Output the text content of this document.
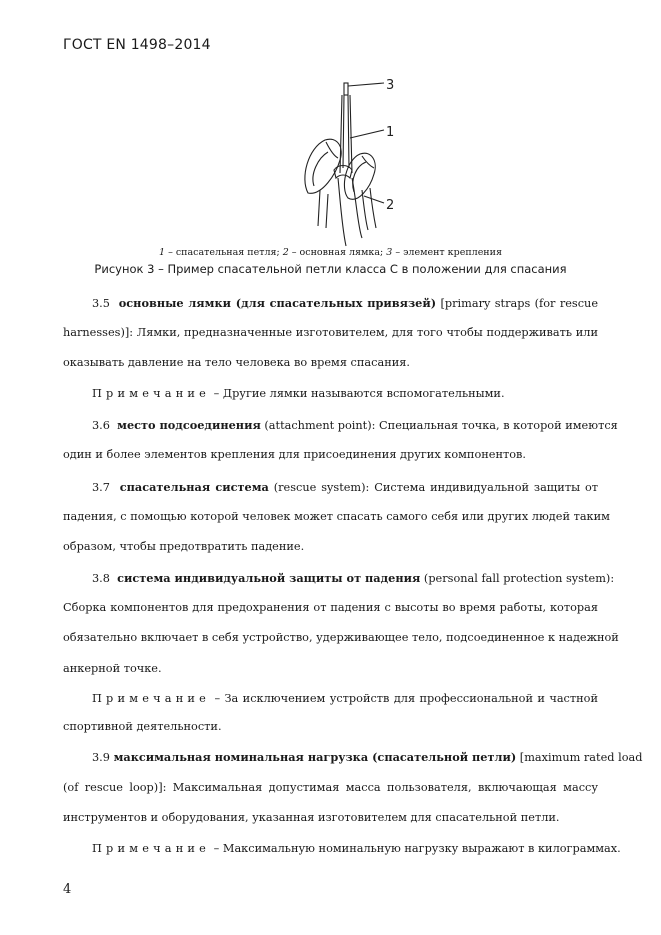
ГОСТ EN 1498–2014
3
1
2
1 – спасательная петля; 2 – основная лямка; 3 – элемент крепления
Рисунок 3 – Пример спасательной петли класса С в положении для спасания
3.5 основные лямки (для спасательных привязей) [primary straps (for rescue
harnesses)]: Лямки, предназначенные изготовителем, для того чтобы поддерживать или
оказывать давление на тело человека во время спасания.
Примечание – Другие лямки называются вспомогательными.
3.6 место подсоединения (attachment point): Специальная точка, в которой имеются
один и более элементов крепления для присоединения других компонентов.
3.7 спасательная система (rescue system): Система индивидуальной защиты от
падения, с помощью которой человек может спасать самого себя или других людей таким
образом, чтобы предотвратить падение.
3.8 система индивидуальной защиты от падения (personal fall protection system):
Сборка компонентов для предохранения от падения с высоты во время работы, которая
обязательно включает в себя устройство, удерживающее тело, подсоединенное к надежной
анкерной точке.
Примечание – За исключением устройств для профессиональной и частной
спортивной деятельности.
3.9 максимальная номинальная нагрузка (спасательной петли) [maximum rated load
(of rescue loop)]: Максимальная допустимая масса пользователя, включающая массу
инструментов и оборудования, указанная изготовителем для спасательной петли.
Примечание – Максимальную номинальную нагрузку выражают в килограммах.
4
